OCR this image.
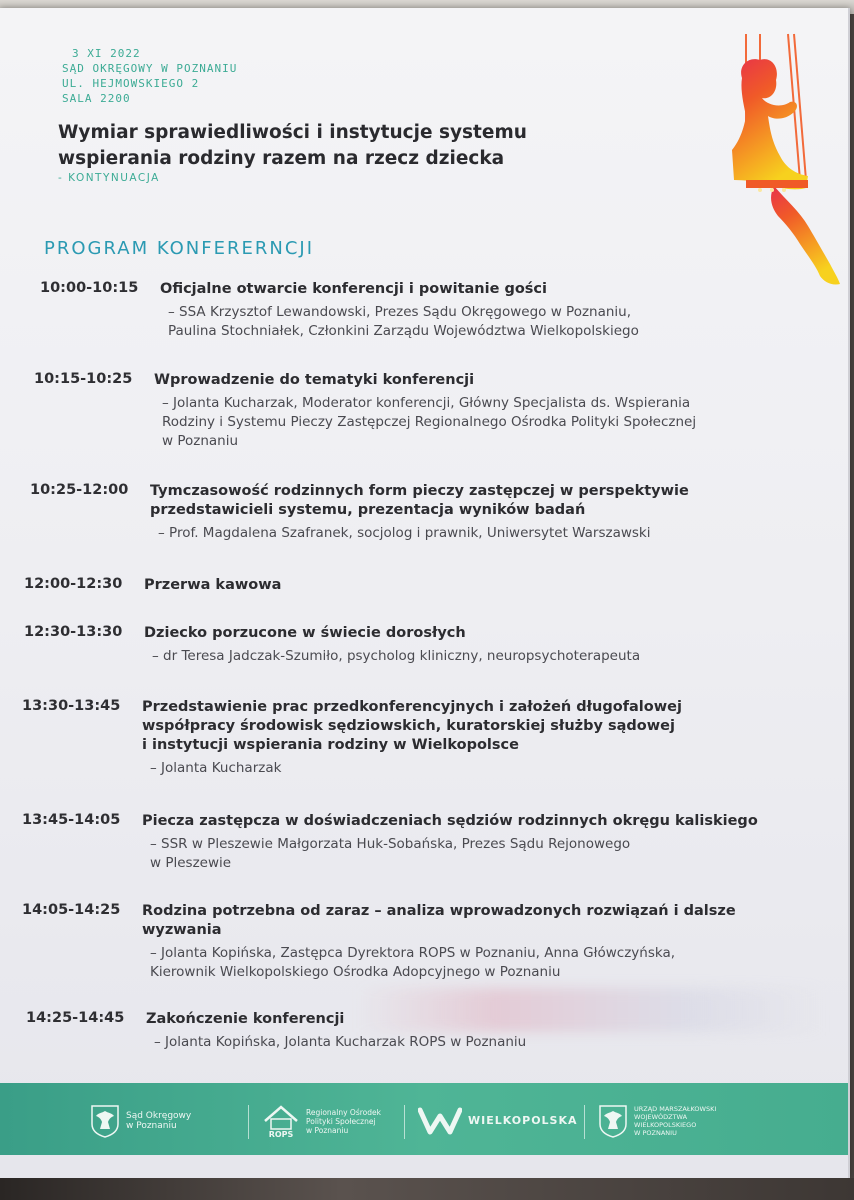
3 XI 2022
SĄD OKRĘGOWY W POZNANIU
UL. HEJMOWSKIEGO 2
SALA 2200
Wymiar sprawiedliwości i instytucje systemu
wspierania rodziny razem na rzecz dziecka
- KONTYNUACJA
PROGRAM KONFERERNCJI
10:00-10:15	Oficjalne otwarcie konferencji i powitanie gości
– SSA Krzysztof Lewandowski, Prezes Sądu Okręgowego w Poznaniu,
Paulina Stochniałek, Członkini Zarządu Województwa Wielkopolskiego
10:15-10:25	Wprowadzenie do tematyki konferencji
– Jolanta Kucharzak, Moderator konferencji, Główny Specjalista ds. Wspierania
Rodziny i Systemu Pieczy Zastępczej Regionalnego Ośrodka Polityki Społecznej
w Poznaniu
10:25-12:00	Tymczasowość rodzinnych form pieczy zastępczej w perspektywie
przedstawicieli systemu, prezentacja wyników badań
– Prof. Magdalena Szafranek, socjolog i prawnik, Uniwersytet Warszawski
12:00-12:30	Przerwa kawowa
12:30-13:30	Dziecko porzucone w świecie dorosłych
– dr Teresa Jadczak-Szumiło, psycholog kliniczny, neuropsychoterapeuta
13:30-13:45	Przedstawienie prac przedkonferencyjnych i założeń długofalowej
współpracy środowisk sędziowskich, kuratorskiej służby sądowej
i instytucji wspierania rodziny w Wielkopolsce
– Jolanta Kucharzak
13:45-14:05	Piecza zastępcza w doświadczeniach sędziów rodzinnych okręgu kaliskiego
– SSR w Pleszewie Małgorzata Huk-Sobańska, Prezes Sądu Rejonowego
w Pleszewie
14:05-14:25	Rodzina potrzebna od zaraz – analiza wprowadzonych rozwiązań i dalsze
wyzwania
– Jolanta Kopińska, Zastępca Dyrektora ROPS w Poznaniu, Anna Główczyńska,
Kierownik Wielkopolskiego Ośrodka Adopcyjnego w Poznaniu
14:25-14:45	Zakończenie konferencji
– Jolanta Kopińska, Jolanta Kucharzak ROPS w Poznaniu
Sąd Okręgowy
w Poznaniu
ROPS
Regionalny Ośrodek
Polityki Społecznej
w Poznaniu
WIELKOPOLSKA
URZĄD MARSZAŁKOWSKI
WOJEWÓDZTWA
WIELKOPOLSKIEGO
W POZNANIU
